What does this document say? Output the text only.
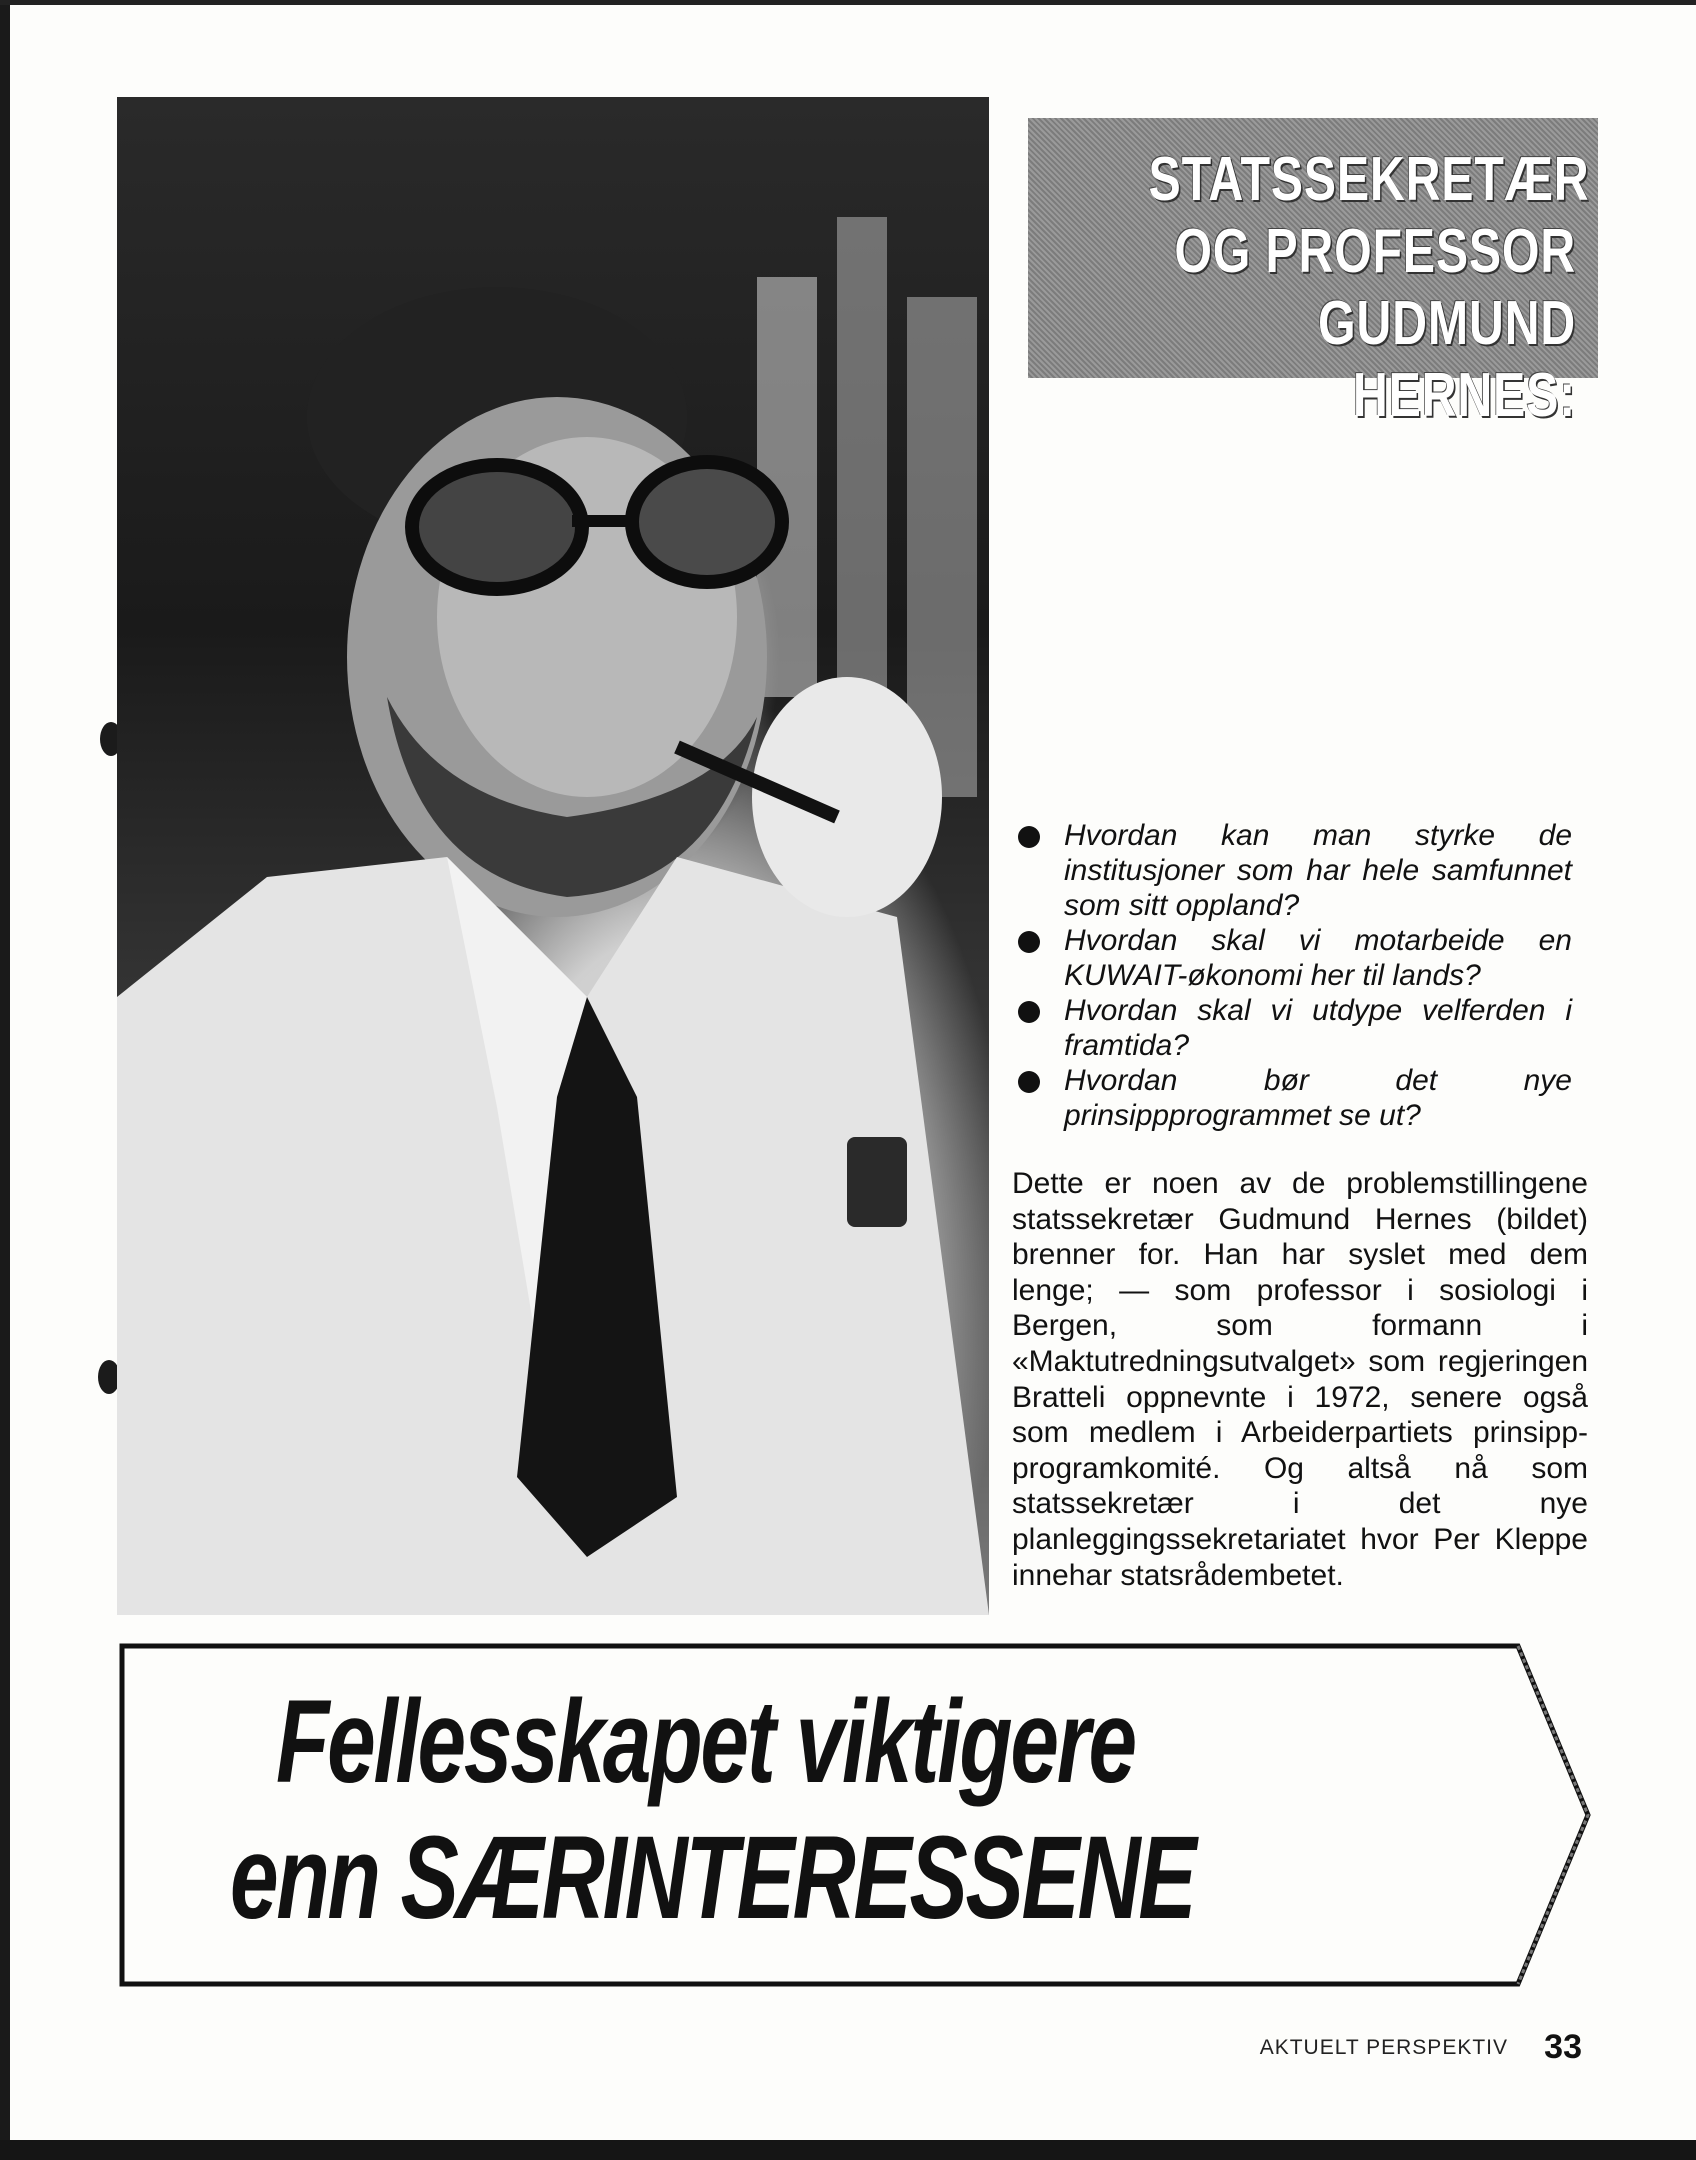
STATSSEKRETÆR
OG PROFESSOR
GUDMUND HERNES:
Hvordan kan man styrke de institusjoner som har hele samfunnet som sitt oppland?
Hvordan skal vi motarbeide en KUWAIT-økonomi her til lands?
Hvordan skal vi utdype velferden i framtida?
Hvordan bør det nye prinsippprogrammet se ut?

Dette er noen av de problemstillingene statssekretær Gudmund Hernes (bildet) brenner for. Han har syslet med dem lenge; — som professor i sosiologi i Bergen, som formann i «Maktutredningsutvalget» som regjeringen Bratteli oppnevnte i 1972, senere også som medlem i Arbeiderpartiets prinsipp-programkomité. Og altså nå som statssekretær i det nye planleggingssekretariatet hvor Per Kleppe innehar statsrådembetet.

Fellesskapet viktigere
enn SÆRINTERESSENE
AKTUELT PERSPEKTIV 33
